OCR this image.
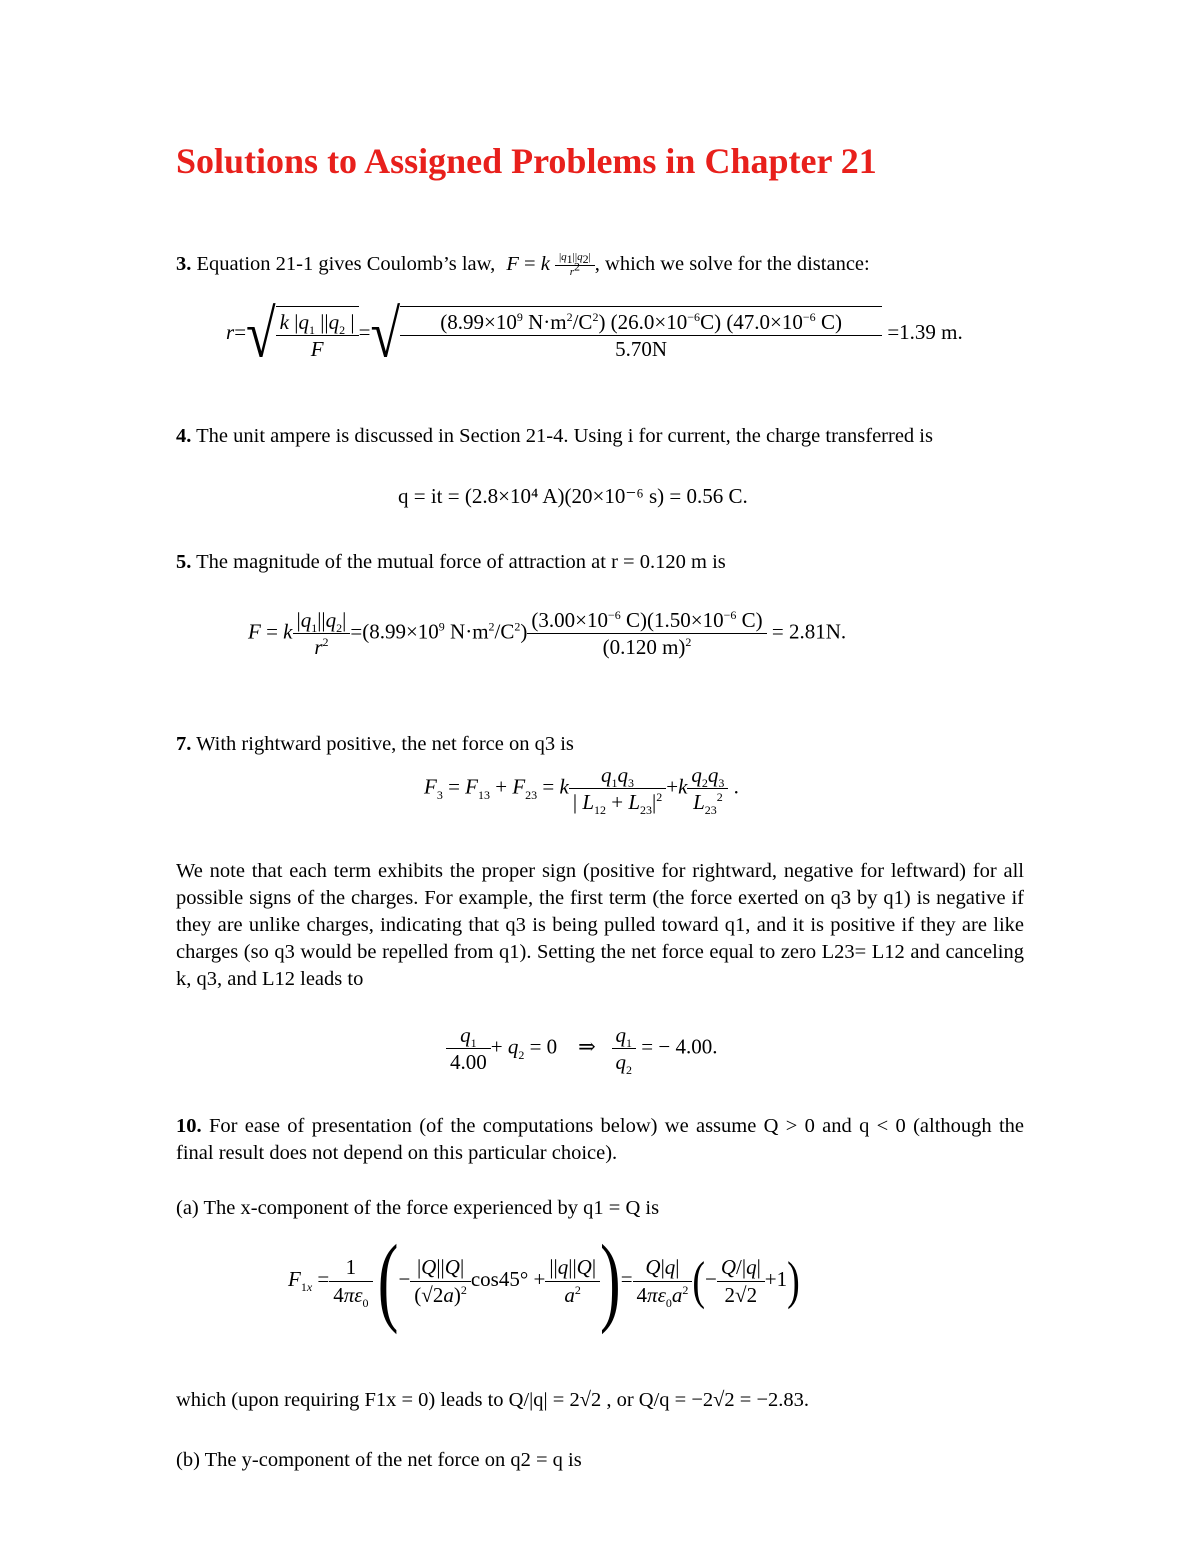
Solutions to Assigned Problems in Chapter 21
3. Equation 21-1 gives Coulomb’s law, F = k $\frac{|q_1||q_2|}{r^2}$ , which we solve for the distance:
$r=√ \frac{k |q_1 ||q_2 |}{F}$ =√ $\frac{(8.99\times 10^9 N\cdot m^2/C^2) (26.0\times 10^{-6}C) (47.0\times 10^{-6} C)}{5.70N} =1.39$ m.
4. The unit ampere is discussed in Section 21-4. Using i for current, the charge transferred is
q = it = (2.8×10⁴ A)(20×10⁻⁶ s) = 0.56 C.
5. The magnitude of the mutual force of attraction at r = 0.120 m is
F = k $\frac{|q_1||q_2|}{r^2} =(8.99\times 10^9$ $N\cdot m^2/C^2) \frac{(3.00\times 10^{-6} C)(1.50\times 10^{-6} C)}{(0.120 m)^2} = 2.81N$.
7. With rightward positive, the net force on q3 is
$F_3 = F_{13} + F_{23} = k \frac{q_1q_3}{| L_{12} + L_{23}|^2} +k \frac{q_2q_3}{L_{23}^2}$ .
We note that each term exhibits the proper sign (positive for rightward, negative for leftward) for all possible signs of the charges. For example, the first term (the force exerted on q3 by q1) is negative if they are unlike charges, indicating that q3 is being pulled toward q1, and it is positive if they are like charges (so q3 would be repelled from q1). Setting the net force equal to zero L23= L12 and canceling k, q3, and L12 leads to
$\frac{q_1}{4.00} + q_2 = 0$    ⇒ $\frac{q_1}{q_2}$ = − 4.00.
10. For ease of presentation (of the computations below) we assume Q > 0 and q < 0 (although the final result does not depend on this particular choice).
(a) The x-component of the force experienced by q1 = Q is
$F_{1x} = \frac{1}{4\pi\varepsilon_0}$ (− $\frac{|Q||Q|}{(√2a)^2} \cos 45^\circ + \frac{||q||Q|}{a^2}$ )= $\frac{Q|q|}{4\pi\varepsilon_0a^2}$ (− $\frac{Q/|q|}{2√2} +1$)
which (upon requiring F1x = 0) leads to Q/|q| = 2√2 , or Q/q = −2√2 = −2.83.
(b) The y-component of the net force on q2 = q is
